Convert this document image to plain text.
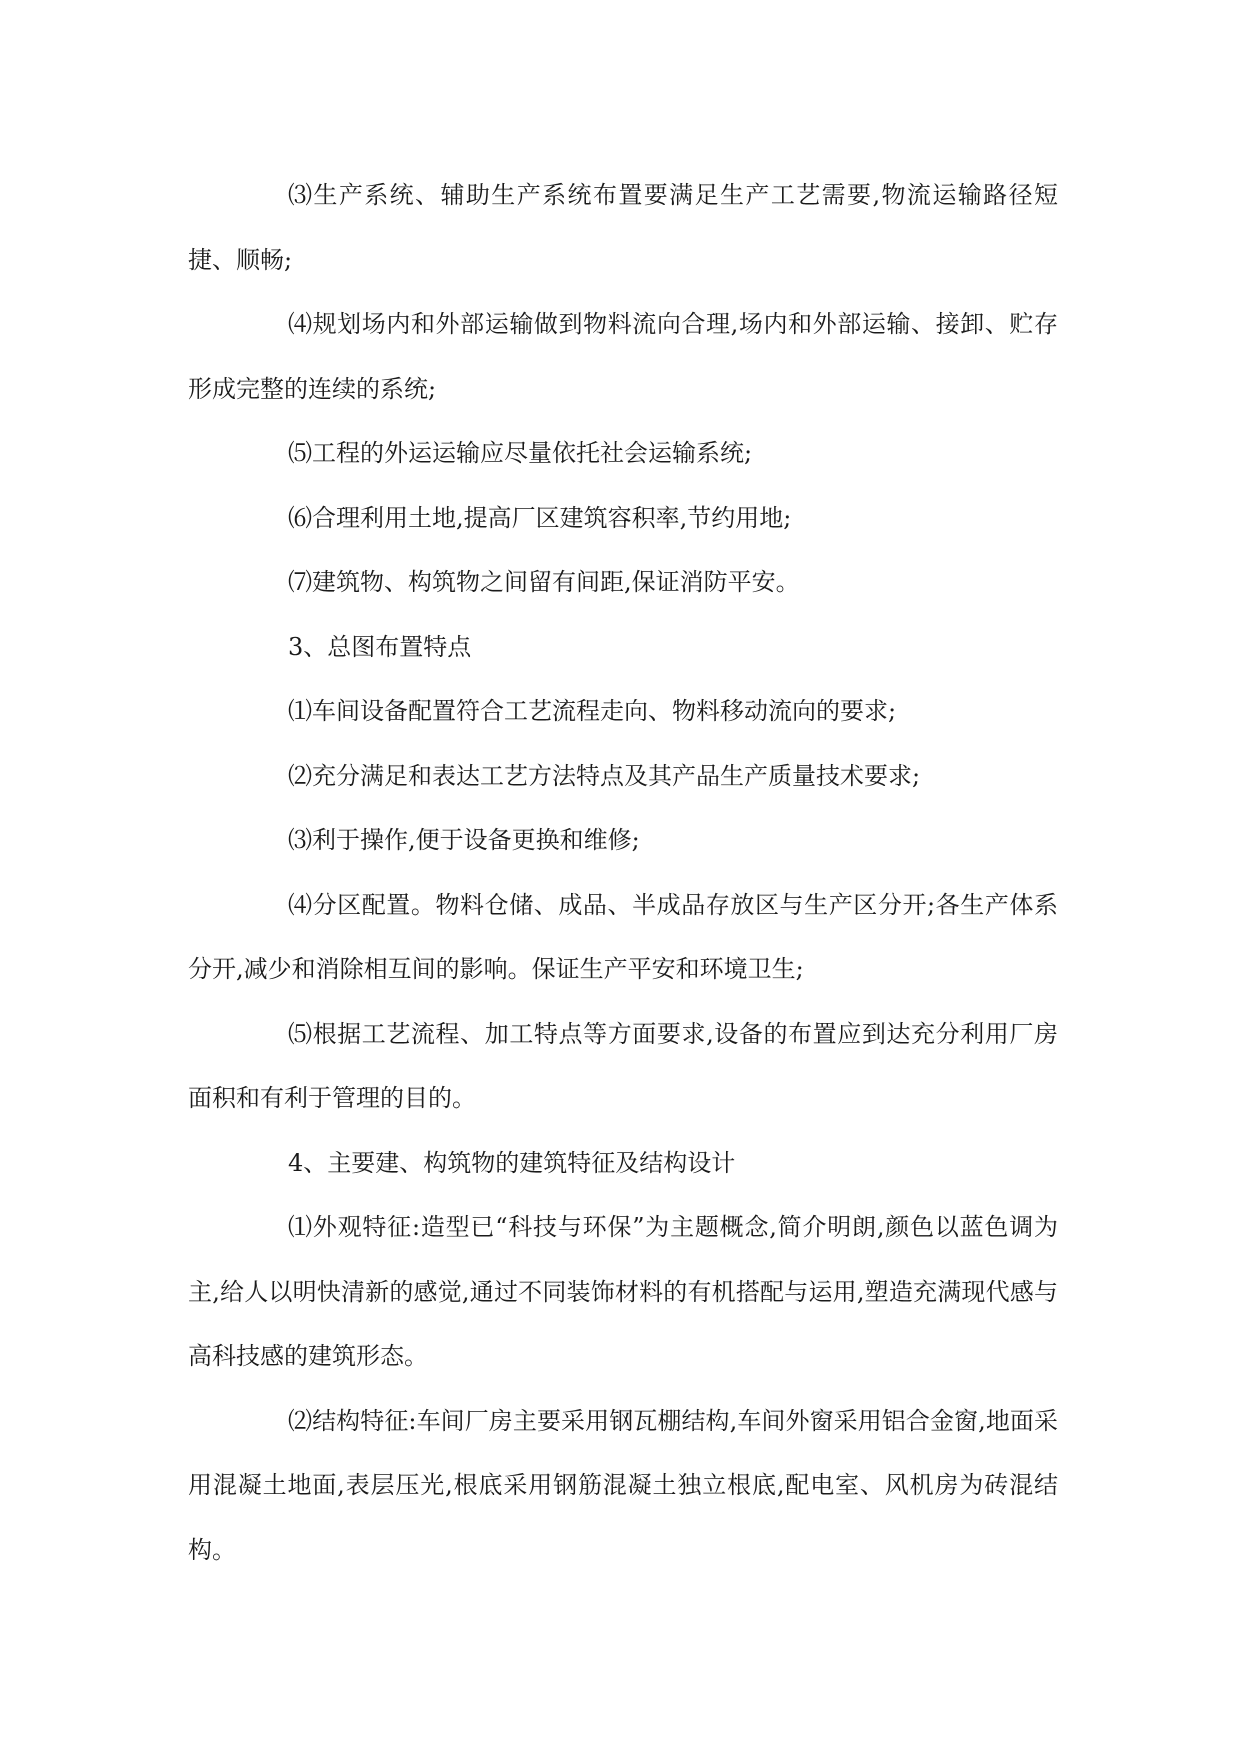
⑶生产系统、辅助生产系统布置要满足生产工艺需要,物流运输路径短捷、顺畅;

⑷规划场内和外部运输做到物料流向合理,场内和外部运输、接卸、贮存形成完整的连续的系统;

⑸工程的外运运输应尽量依托社会运输系统;

⑹合理利用土地,提高厂区建筑容积率,节约用地;

⑺建筑物、构筑物之间留有间距,保证消防平安。

3、总图布置特点

⑴车间设备配置符合工艺流程走向、物料移动流向的要求;

⑵充分满足和表达工艺方法特点及其产品生产质量技术要求;

⑶利于操作,便于设备更换和维修;

⑷分区配置。物料仓储、成品、半成品存放区与生产区分开;各生产体系分开,减少和消除相互间的影响。保证生产平安和环境卫生;

⑸根据工艺流程、加工特点等方面要求,设备的布置应到达充分利用厂房面积和有利于管理的目的。

4、主要建、构筑物的建筑特征及结构设计

⑴外观特征:造型已“科技与环保”为主题概念,简介明朗,颜色以蓝色调为主,给人以明快清新的感觉,通过不同装饰材料的有机搭配与运用,塑造充满现代感与高科技感的建筑形态。

⑵结构特征:车间厂房主要采用钢瓦棚结构,车间外窗采用铝合金窗,地面采用混凝土地面,表层压光,根底采用钢筋混凝土独立根底,配电室、风机房为砖混结构。
